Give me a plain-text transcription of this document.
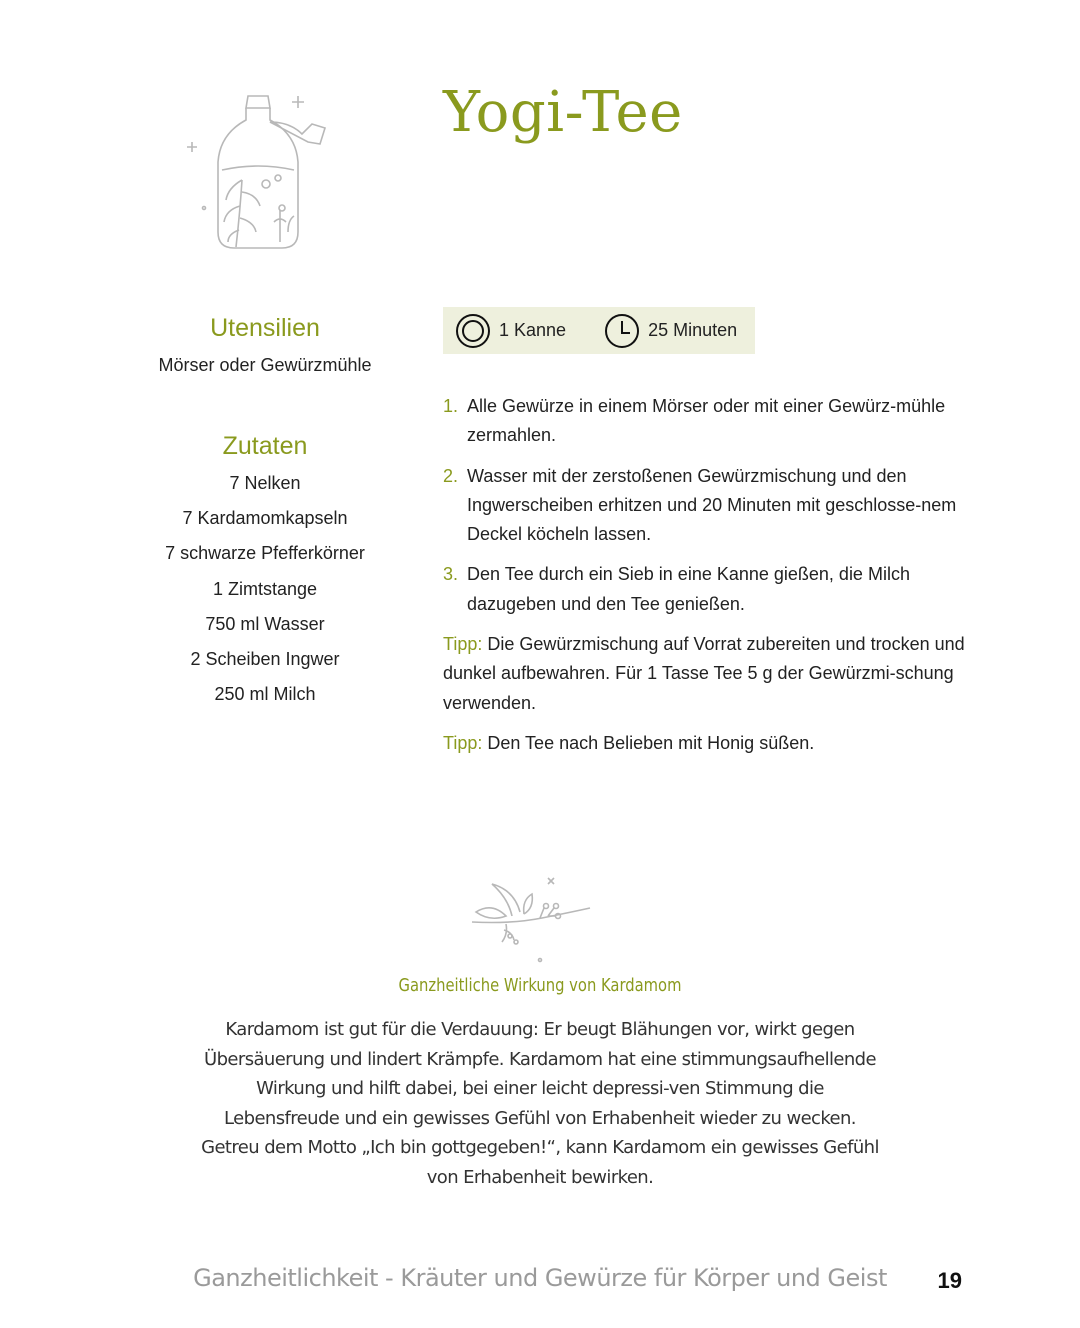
Yogi-Tee
Utensilien
Mörser oder Gewürzmühle
Zutaten
7 Nelken
7 Kardamomkapseln
7 schwarze Pfefferkörner
1 Zimtstange
750 ml Wasser
2 Scheiben Ingwer
250 ml Milch
1 Kanne	25 Minuten
1. Alle Gewürze in einem Mörser oder mit einer Gewürz-mühle zermahlen.
2. Wasser mit der zerstoßenen Gewürzmischung und den Ingwerscheiben erhitzen und 20 Minuten mit geschlosse-nem Deckel köcheln lassen.
3. Den Tee durch ein Sieb in eine Kanne gießen, die Milch dazugeben und den Tee genießen.
Tipp: Die Gewürzmischung auf Vorrat zubereiten und trocken und dunkel aufbewahren. Für 1 Tasse Tee 5 g der Gewürzmi-schung verwenden.
Tipp: Den Tee nach Belieben mit Honig süßen.
Ganzheitliche Wirkung von Kardamom
Kardamom ist gut für die Verdauung: Er beugt Blähungen vor, wirkt gegen Übersäuerung und lindert Krämpfe. Kardamom hat eine stimmungsaufhellende Wirkung und hilft dabei, bei einer leicht depressi-ven Stimmung die Lebensfreude und ein gewisses Gefühl von Erhabenheit wieder zu wecken. Getreu dem Motto „Ich bin gottgegeben!“, kann Kardamom ein gewisses Gefühl von Erhabenheit bewirken.
Ganzheitlichkeit - Kräuter und Gewürze für Körper und Geist	19
